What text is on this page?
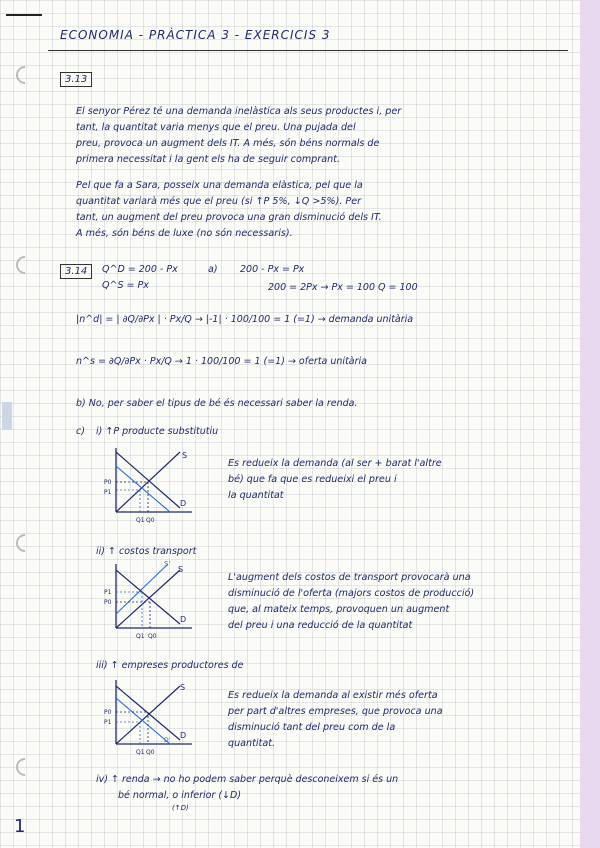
ECONOMIA - PRÀCTICA 3 - EXERCICIS 3
3.13
El senyor Pérez té una demanda inelàstica als seus productes i, per
tant, la quantitat varia menys que el preu. Una pujada del
preu, provoca un augment dels IT. A més, són béns normals de
primera necessitat i la gent els ha de seguir comprant.
Pel que fa a Sara, posseix una demanda elàstica, pel que la
quantitat variarà més que el preu (si ↑P 5%, ↓Q >5%). Per
tant, un augment del preu provoca una gran disminució dels IT.
A més, són béns de luxe (no són necessaris).
3.14	Q^D = 200 - Px
Q^S = Px
a) 200 - Px = Px
200 = 2Px → Px = 100 Q = 100
|n^d| = | ∂Q/∂Px | · Px/Q → |-1| · 100/100 = 1 (=1) → demanda unitària
n^s = ∂Q/∂Px · Px/Q → 1 · 100/100 = 1 (=1) → oferta unitària
b) No, per saber el tipus de bé és necessari saber la renda.
c) i) ↑P producte substitutiu
S
D
P0
P1
Q1 Q0
Es redueix la demanda (al ser + barat l'altre
bé) que fa que es redueixi el preu i
la quantitat
ii) ↑ costos transport
S
S'
D
P1
P0
Q1 Q0
L'augment dels costos de transport provocarà una
disminució de l'oferta (majors costos de producció)
que, al mateix temps, provoquen un augment
del preu i una reducció de la quantitat
iii) ↑ empreses productores de
S
D
D'
P0
P1
Q1 Q0
Es redueix la demanda al existir més oferta
per part d'altres empreses, que provoca una
disminució tant del preu com de la
quantitat.
iv) ↑ renda → no ho podem saber perquè desconeixem si és un
bé normal, o inferior (↓D)
(↑D)
1
